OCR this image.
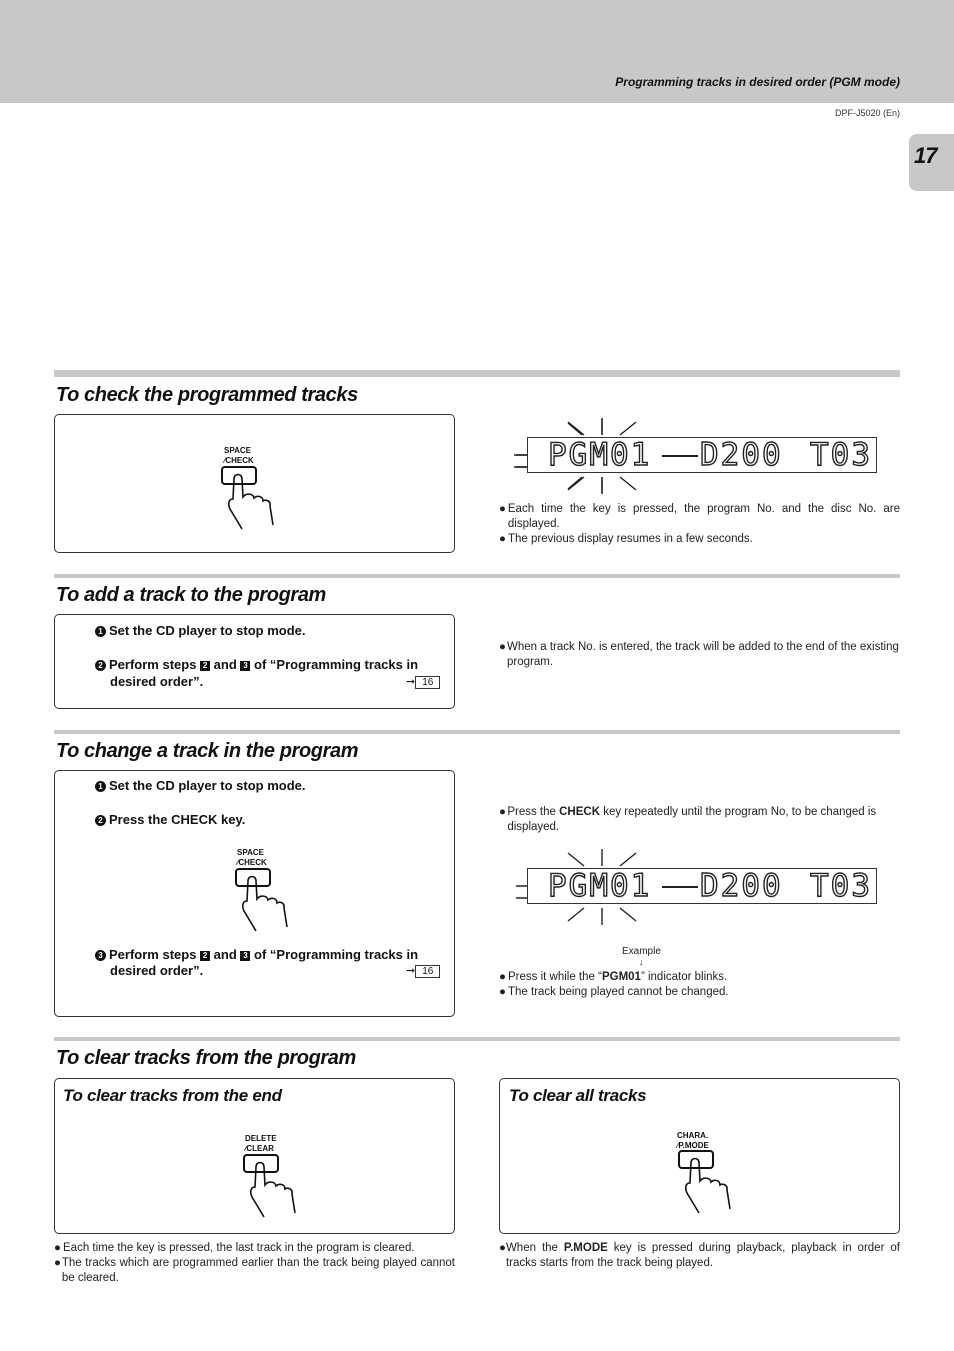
Programming tracks in desired order (PGM mode)
DPF-J5020 (En)
17
To check the programmed tracks
SPACE
∕CHECK	PGM01 D200 T03
● Each time the key is pressed, the program No. and the disc No. are displayed.
● The previous display resumes in a few seconds.
To add a track to the program
1 Set the CD player to stop mode.
2 Perform steps 2 and 3 of “Programming tracks in
desired order”.	➞ 16
● When a track No. is entered, the track will be added to the end of the existing program.
To change a track in the program
1 Set the CD player to stop mode.
2 Press the CHECK key.
SPACE
∕CHECK
3 Perform steps 2 and 3 of “Programming tracks in
desired order”.	➞ 16
● Press the CHECK key repeatedly until the program No, to be changed is displayed.
PGM01 D200 T03
Example
↓
● Press it while the “PGM01” indicator blinks.
● The track being played cannot be changed.
To clear tracks from the program
To clear tracks from the end
DELETE
∕CLEAR
To clear all tracks
CHARA.
∕P.MODE
● Each time the key is pressed, the last track in the program is cleared.
● The tracks which are programmed earlier than the track being played cannot be cleared.
● When the P.MODE key is pressed during playback, playback in order of tracks starts from the track being played.
